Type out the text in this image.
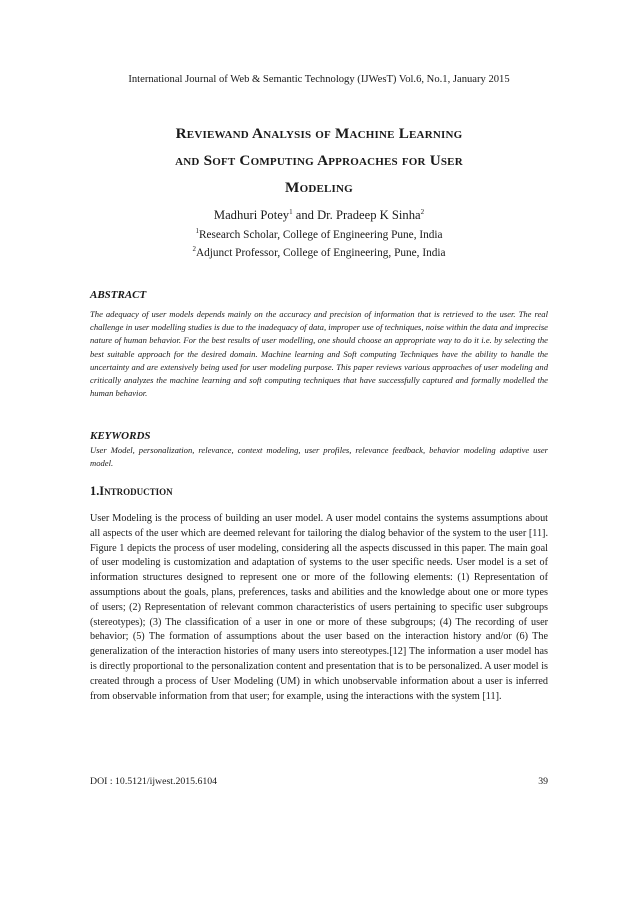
International Journal of Web & Semantic Technology (IJWesT) Vol.6, No.1, January 2015
Reviewand Analysis of Machine Learning
and Soft Computing Approaches for User
Modeling
Madhuri Potey$^1$ and Dr. Pradeep K Sinha$^2$
$^1$Research Scholar, College of Engineering Pune, India
$^2$Adjunct Professor, College of Engineering, Pune, India
ABSTRACT
The adequacy of user models depends mainly on the accuracy and precision of information that is retrieved to the user. The real challenge in user modelling studies is due to the inadequacy of data, improper use of techniques, noise within the data and imprecise nature of human behavior. For the best results of user modelling, one should choose an appropriate way to do it i.e. by selecting the best suitable approach for the desired domain. Machine learning and Soft computing Techniques have the ability to handle the uncertainty and are extensively being used for user modeling purpose. This paper reviews various approaches of user modeling and critically analyzes the machine learning and soft computing techniques that have successfully captured and formally modelled the human behavior.
KEYWORDS
User Model, personalization, relevance, context modeling, user profiles, relevance feedback, behavior modeling adaptive user model.
1.Introduction
User Modeling is the process of building an user model. A user model contains the systems assumptions about all aspects of the user which are deemed relevant for tailoring the dialog behavior of the system to the user [11]. Figure 1 depicts the process of user modeling, considering all the aspects discussed in this paper. The main goal of user modeling is customization and adaptation of systems to the user specific needs. User model is a set of information structures designed to represent one or more of the following elements: (1) Representation of assumptions about the goals, plans, preferences, tasks and abilities and the knowledge about one or more types of users; (2) Representation of relevant common characteristics of users pertaining to specific user subgroups (stereotypes); (3) The classification of a user in one or more of these subgroups; (4) The recording of user behavior; (5) The formation of assumptions about the user based on the interaction history and/or (6) The generalization of the interaction histories of many users into stereotypes.[12] The information a user model has is directly proportional to the personalization content and presentation that is to be personalized. A user model is created through a process of User Modeling (UM) in which unobservable information about a user is inferred from observable information from that user; for example, using the interactions with the system [11].
DOI : 10.5121/ijwest.2015.6104	39
